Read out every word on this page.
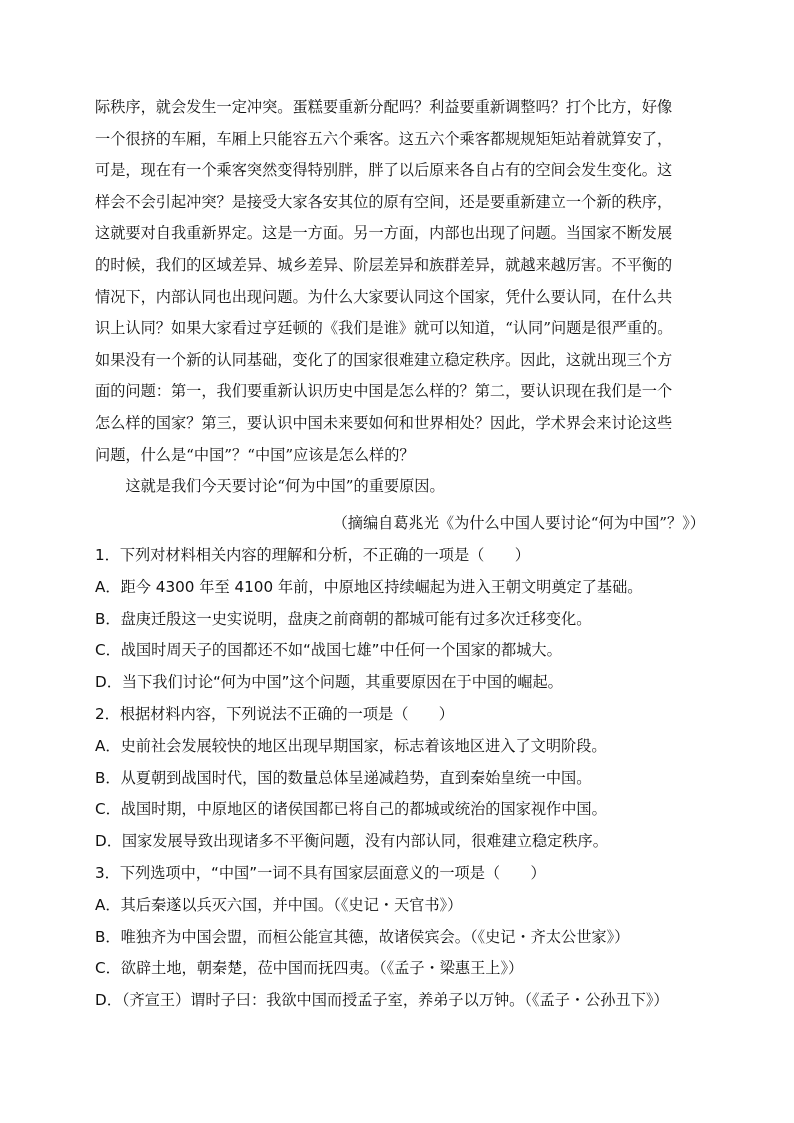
际秩序，就会发生一定冲突。蛋糕要重新分配吗？利益要重新调整吗？打个比方，好像

一个很挤的车厢，车厢上只能容五六个乘客。这五六个乘客都规规矩矩站着就算安了，

可是，现在有一个乘客突然变得特别胖，胖了以后原来各自占有的空间会发生变化。这

样会不会引起冲突？是接受大家各安其位的原有空间，还是要重新建立一个新的秩序，

这就要对自我重新界定。这是一方面。另一方面，内部也出现了问题。当国家不断发展

的时候，我们的区域差异、城乡差异、阶层差异和族群差异，就越来越厉害。不平衡的

情况下，内部认同也出现问题。为什么大家要认同这个国家，凭什么要认同，在什么共

识上认同？如果大家看过亨廷顿的《我们是谁》就可以知道，“认同”问题是很严重的。

如果没有一个新的认同基础，变化了的国家很难建立稳定秩序。因此，这就出现三个方

面的问题：第一，我们要重新认识历史中国是怎么样的？第二，要认识现在我们是一个

怎么样的国家？第三，要认识中国未来要如何和世界相处？因此，学术界会来讨论这些

问题，什么是“中国”？“中国”应该是怎么样的？

这就是我们今天要讨论“何为中国”的重要原因。

（摘编自葛兆光《为什么中国人要讨论“何为中国”？》）
1．下列对材料相关内容的理解和分析，不正确的一项是（　　）
A．距今 4300 年至 4100 年前，中原地区持续崛起为进入王朝文明奠定了基础。
B．盘庚迁殷这一史实说明，盘庚之前商朝的都城可能有过多次迁移变化。
C．战国时周天子的国都还不如“战国七雄”中任何一个国家的都城大。
D．当下我们讨论“何为中国”这个问题，其重要原因在于中国的崛起。
2．根据材料内容，下列说法不正确的一项是（　　）
A．史前社会发展较快的地区出现早期国家，标志着该地区进入了文明阶段。
B．从夏朝到战国时代，国的数量总体呈递减趋势，直到秦始皇统一中国。
C．战国时期，中原地区的诸侯国都已将自己的都城或统治的国家视作中国。
D．国家发展导致出现诸多不平衡问题，没有内部认同，很难建立稳定秩序。
3．下列选项中，“中国”一词不具有国家层面意义的一项是（　　）
A．其后秦遂以兵灭六国，并中国。（《史记・天官书》）
B．唯独齐为中国会盟，而桓公能宣其德，故诸侯宾会。（《史记・齐太公世家》）
C．欲辟土地，朝秦楚，莅中国而抚四夷。（《孟子・梁惠王上》）
D．（齐宣王）谓时子曰：我欲中国而授孟子室，养弟子以万钟。（《孟子・公孙丑下》）
